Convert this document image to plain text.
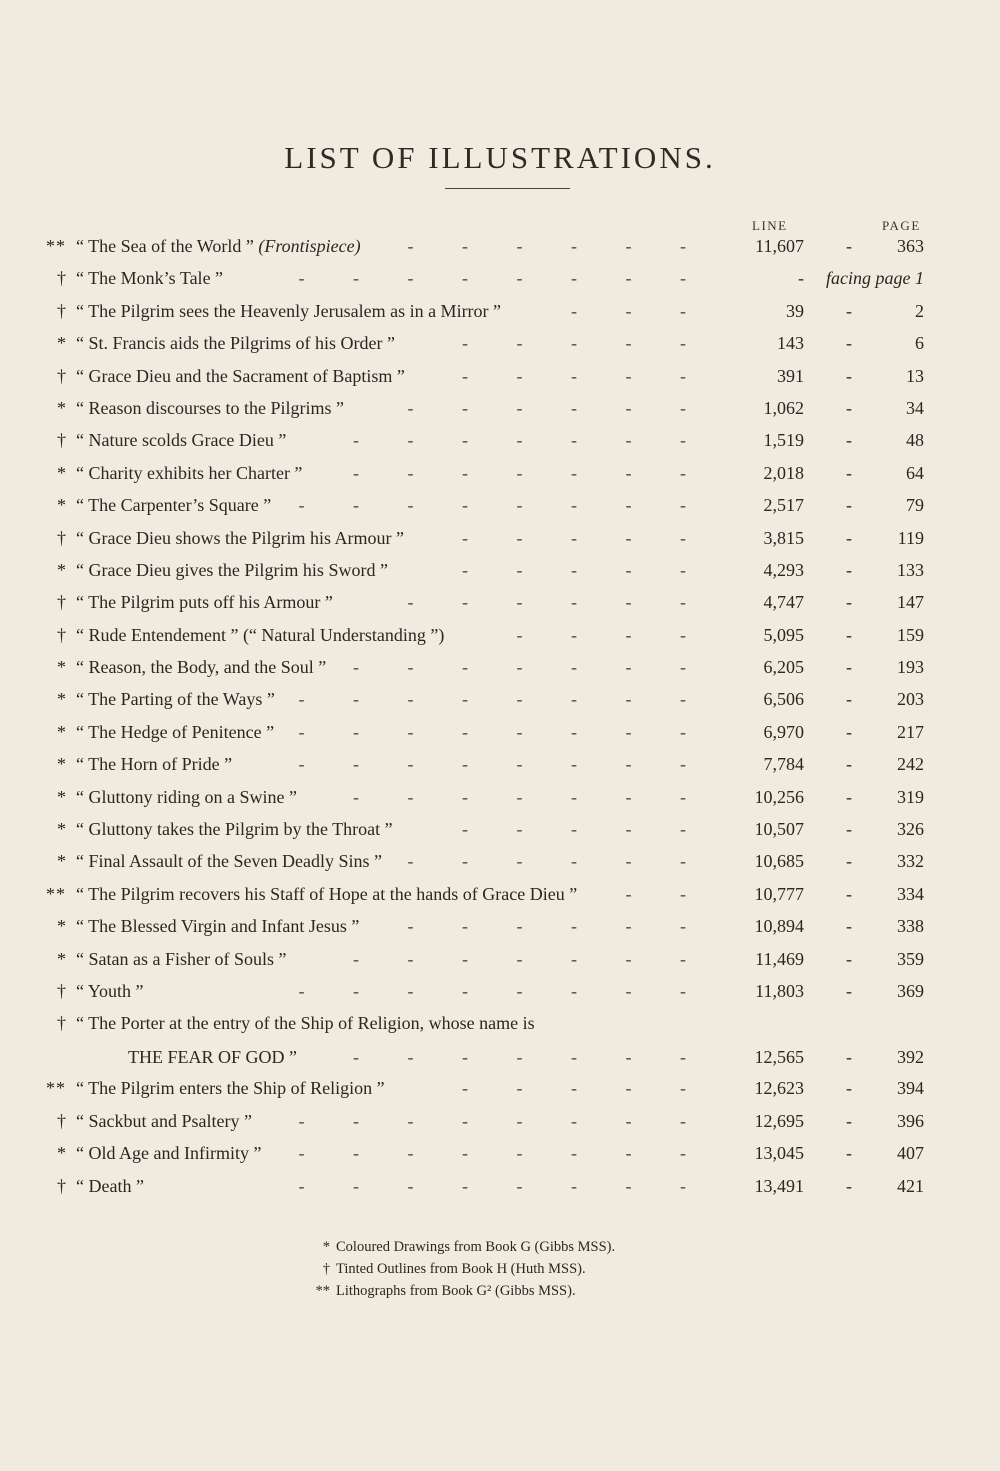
LIST OF ILLUSTRATIONS.
LINE	PAGE
** “ The Sea of the World ” (Frontispiece)	- - - - - -	11,607 -	363
† “ The Monk’s Tale ”	- - - - - - - -	- facing page 1
† “ The Pilgrim sees the Heavenly Jerusalem as in a Mirror ”	- - -	39 -	2
* “ St. Francis aids the Pilgrims of his Order ”	- - - - -	143 -	6
† “ Grace Dieu and the Sacrament of Baptism ”	- - - - -	391 -	13
* “ Reason discourses to the Pilgrims ”	- - - - - -	1,062 -	34
† “ Nature scolds Grace Dieu ”	- - - - - - -	1,519 -	48
* “ Charity exhibits her Charter ”	- - - - - - -	2,018 -	64
* “ The Carpenter’s Square ” - - - - - - - -	2,517 -	79
† “ Grace Dieu shows the Pilgrim his Armour ”	- - - - -	3,815 -	119
* “ Grace Dieu gives the Pilgrim his Sword ”	- - - - -	4,293 -	133
† “ The Pilgrim puts off his Armour ”	- - - - - -	4,747 -	147
† “ Rude Entendement ” (“ Natural Understanding ”)	- - - -	5,095 -	159
* “ Reason, the Body, and the Soul ” - - - - - - -	6,205 -	193
* “ The Parting of the Ways ” - - - - - - - -	6,506 -	203
* “ The Hedge of Penitence ” - - - - - - - -	6,970 -	217
* “ The Horn of Pride ”	- - - - - - - -	7,784 -	242
* “ Gluttony riding on a Swine ”	- - - - - - -	10,256 -	319
* “ Gluttony takes the Pilgrim by the Throat ”	- - - - -	10,507 -	326
* “ Final Assault of the Seven Deadly Sins ” - - - - - -	10,685 -	332
** “ The Pilgrim recovers his Staff of Hope at the hands of Grace Dieu ”	- -	10,777 -	334
* “ The Blessed Virgin and Infant Jesus ”	- - - - - -	10,894 -	338
* “ Satan as a Fisher of Souls ”	- - - - - - -	11,469 -	359
† “ Youth ”	- - - - - - - -	11,803 -	369
† “ The Porter at the entry of the Ship of Religion, whose name is
THE FEAR OF GOD ”	- - - - - - -	12,565 -	392
** “ The Pilgrim enters the Ship of Religion ”	- - - - -	12,623 -	394
† “ Sackbut and Psaltery ”	- - - - - - - -	12,695 -	396
* “ Old Age and Infirmity ” - - - - - - - -	13,045 -	407
† “ Death ”	- - - - - - - -	13,491 -	421
* Coloured Drawings from Book G (Gibbs MSS).
† Tinted Outlines from Book H (Huth MSS).
** Lithographs from Book G² (Gibbs MSS).
